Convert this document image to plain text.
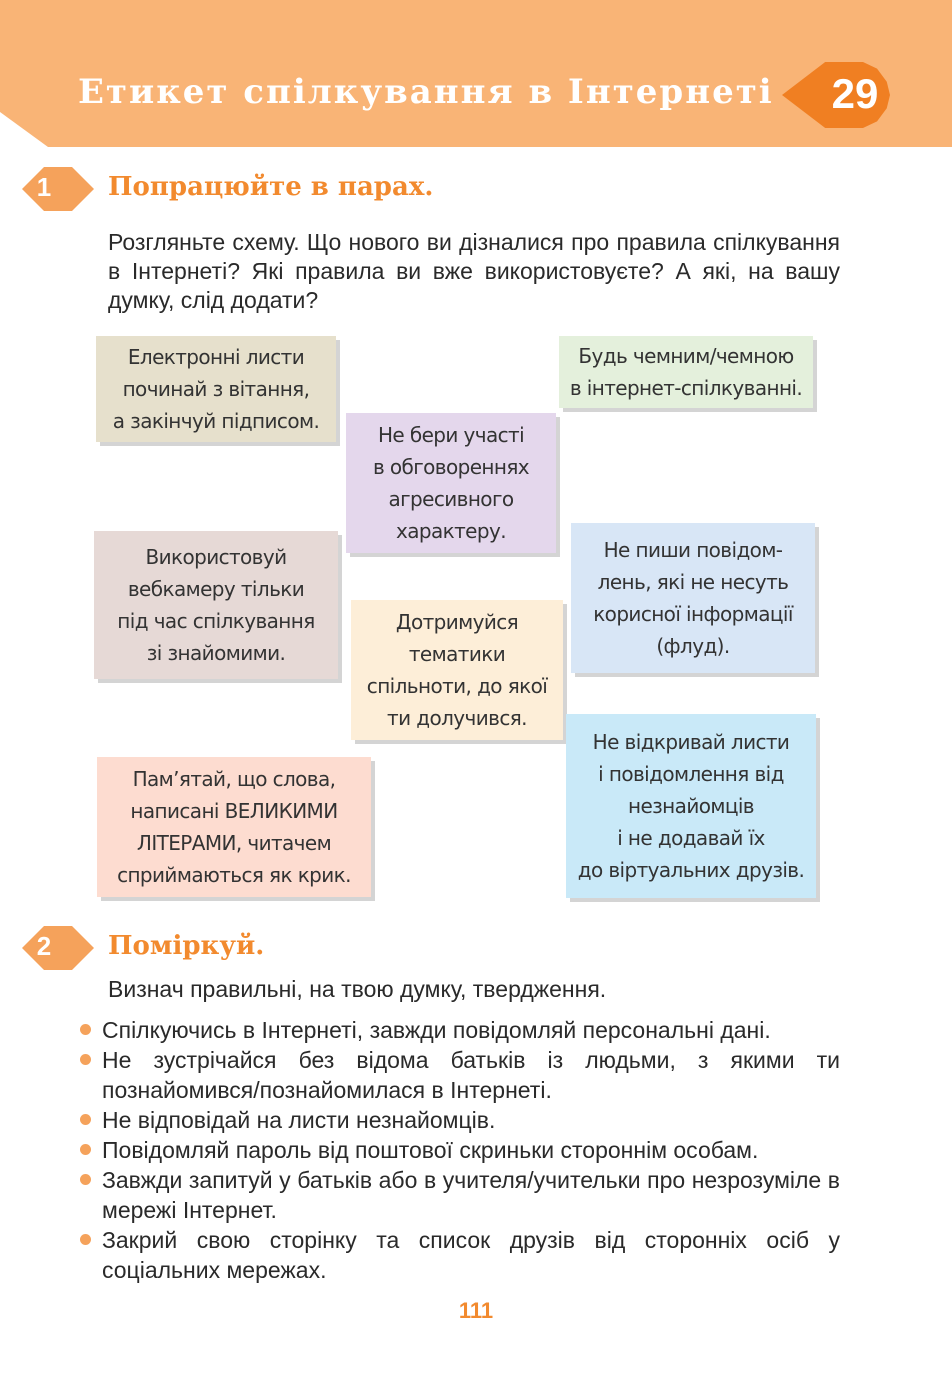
Етикет спілкування в Інтернеті 29
1	Попрацюйте в парах.
Розгляньте схему. Що нового ви дізналися про правила спілкування в Інтернеті? Які правила ви вже використовуєте? А які, на вашу думку, слід додати?
Електронні листи
починай з вітання,
а закінчуй підписом.
Будь чемним/чемною
в інтернет-спілкуванні.
Не бери участі
в обговореннях
агресивного
характеру.
Використовуй
вебкамеру тільки
під час спілкування
зі знайомими.
Не пиши повідом-
лень, які не несуть
корисної інформації
(флуд).
Дотримуйся
тематики
спільноти, до якої
ти долучився.
Пам’ятай, що слова,
написані ВЕЛИКИМИ
ЛІТЕРАМИ, читачем
сприймаються як крик.
Не відкривай листи
і повідомлення від
незнайомців
і не додавай їх
до віртуальних друзів.
2	Поміркуй.
Визнач правильні, на твою думку, твердження.
Спілкуючись в Інтернеті, завжди повідомляй персональні дані.
Не зустрічайся без відома батьків із людьми, з якими ти познайомився/познайомилася в Інтернеті.
Не відповідай на листи незнайомців.
Повідомляй пароль від поштової скриньки стороннім особам.
Завжди запитуй у батьків або в учителя/учительки про незрозуміле в мережі Інтернет.
Закрий свою сторінку та список друзів від сторонніх осіб у соціальних мережах.
111
